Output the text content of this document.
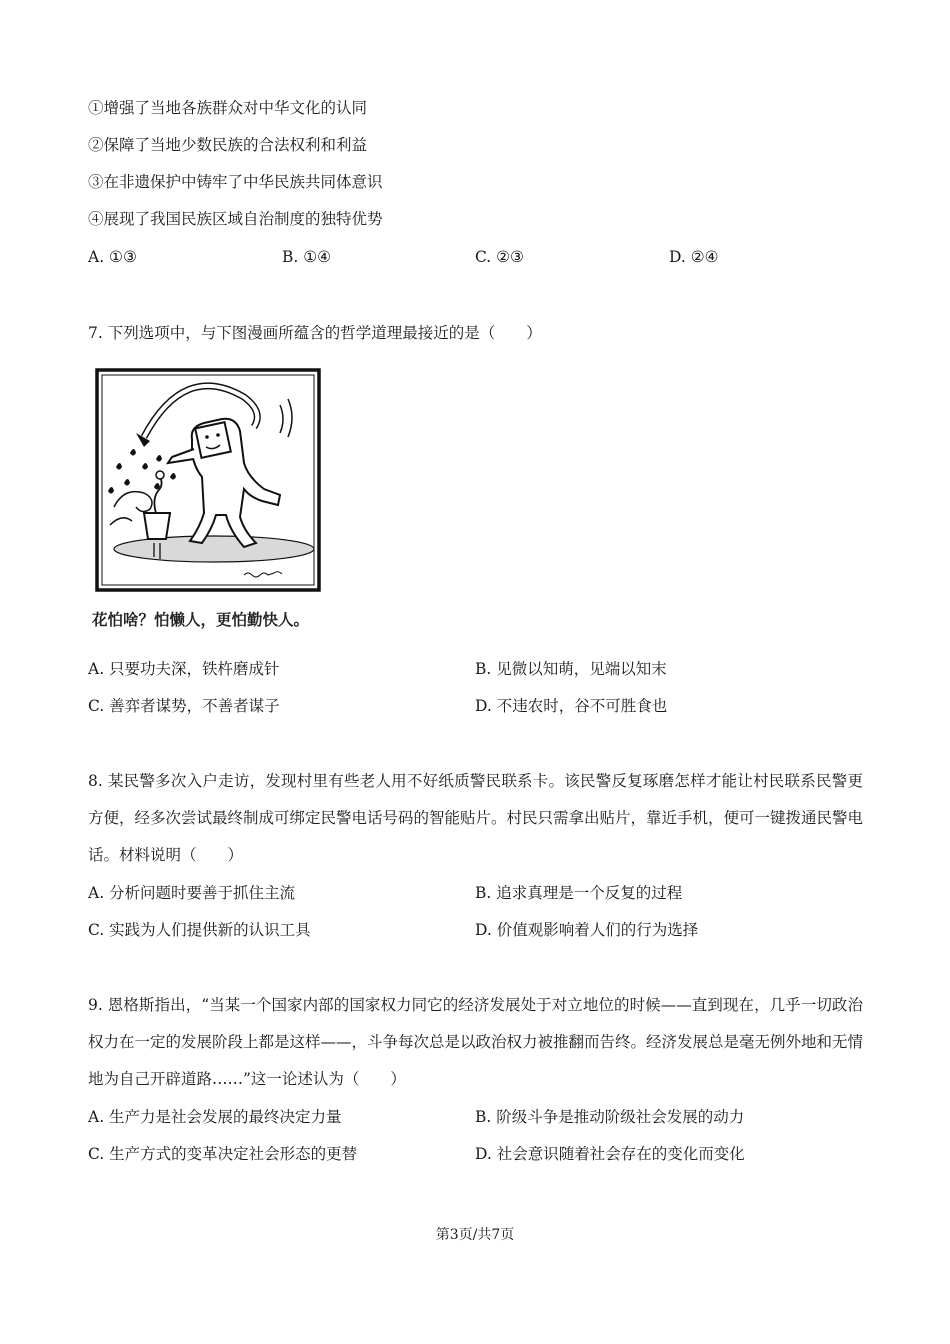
①增强了当地各族群众对中华文化的认同
②保障了当地少数民族的合法权利和利益
③在非遗保护中铸牢了中华民族共同体意识
④展现了我国民族区域自治制度的独特优势
A. ①③	B. ①④	C. ②③	D. ②④
7. 下列选项中，与下图漫画所蕴含的哲学道理最接近的是（　　）
花怕啥？怕懒人，更怕勤快人。
A. 只要功夫深，铁杵磨成针	B. 见微以知萌，见端以知末
C. 善弈者谋势，不善者谋子	D. 不违农时，谷不可胜食也
8. 某民警多次入户走访，发现村里有些老人用不好纸质警民联系卡。该民警反复琢磨怎样才能让村民联系民警更方便，经多次尝试最终制成可绑定民警电话号码的智能贴片。村民只需拿出贴片，靠近手机，便可一键拨通民警电话。材料说明（　　）
A. 分析问题时要善于抓住主流	B. 追求真理是一个反复的过程
C. 实践为人们提供新的认识工具	D. 价值观影响着人们的行为选择
9. 恩格斯指出，“当某一个国家内部的国家权力同它的经济发展处于对立地位的时候——直到现在，几乎一切政治权力在一定的发展阶段上都是这样——，斗争每次总是以政治权力被推翻而告终。经济发展总是毫无例外地和无情地为自己开辟道路……”这一论述认为（　　）
A. 生产力是社会发展的最终决定力量	B. 阶级斗争是推动阶级社会发展的动力
C. 生产方式的变革决定社会形态的更替	D. 社会意识随着社会存在的变化而变化
第3页/共7页
